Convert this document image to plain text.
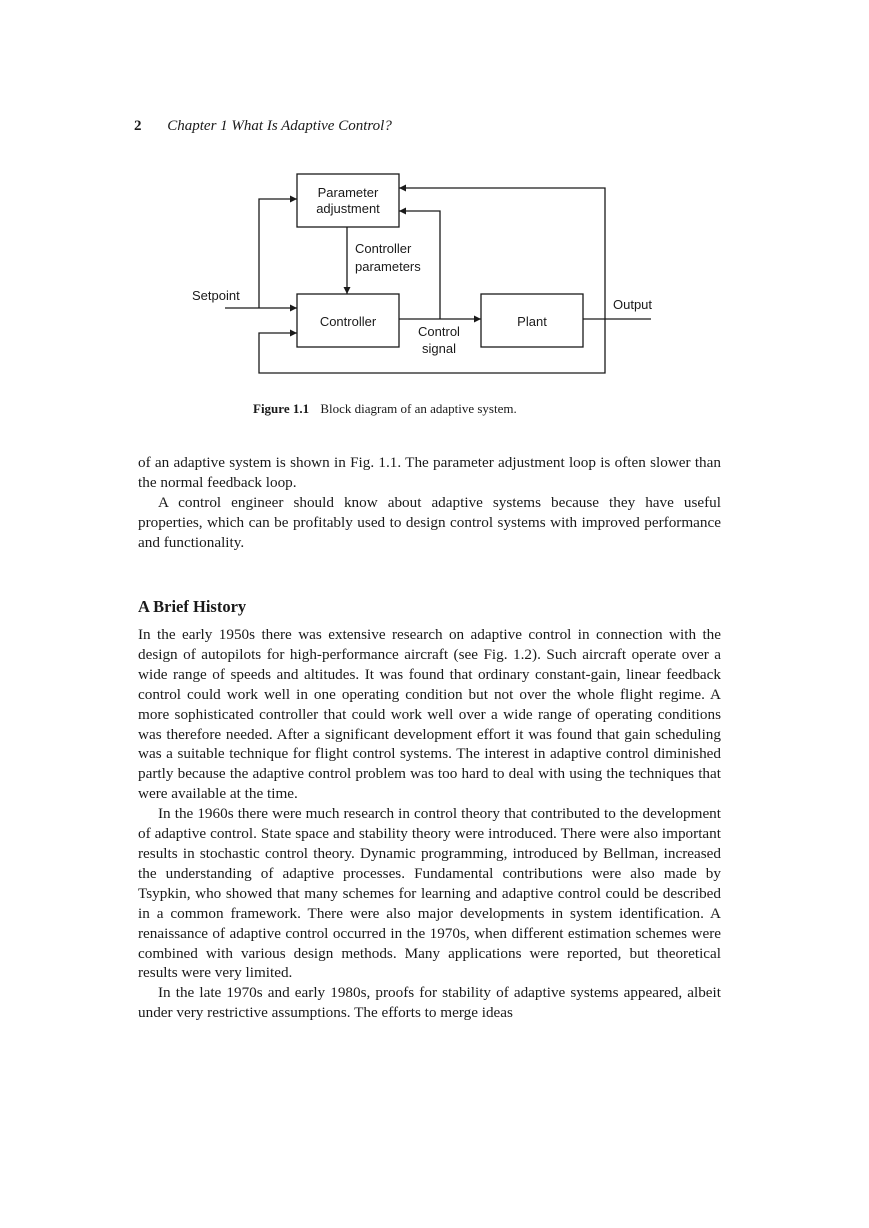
2 Chapter 1 What Is Adaptive Control?
Parameter
adjustment
Controller	Plant
Controller
parameters
Setpoint
Output
Control
signal
Figure 1.1 Block diagram of an adaptive system.

of an adaptive system is shown in Fig. 1.1. The parameter adjustment loop is often slower than the normal feedback loop.

A control engineer should know about adaptive systems because they have useful properties, which can be profitably used to design control systems with improved performance and functionality.

A Brief History

In the early 1950s there was extensive research on adaptive control in connection with the design of autopilots for high-performance aircraft (see Fig. 1.2). Such aircraft operate over a wide range of speeds and altitudes. It was found that ordinary constant-gain, linear feedback control could work well in one operating condition but not over the whole flight regime. A more sophisticated controller that could work well over a wide range of operating conditions was therefore needed. After a significant development effort it was found that gain scheduling was a suitable technique for flight control systems. The interest in adaptive control diminished partly because the adaptive control problem was too hard to deal with using the techniques that were available at the time.

In the 1960s there were much research in control theory that contributed to the development of adaptive control. State space and stability theory were introduced. There were also important results in stochastic control theory. Dynamic programming, introduced by Bellman, increased the understanding of adaptive processes. Fundamental contributions were also made by Tsypkin, who showed that many schemes for learning and adaptive control could be described in a common framework. There were also major developments in system identification. A renaissance of adaptive control occurred in the 1970s, when different estimation schemes were combined with various design methods. Many applications were reported, but theoretical results were very limited.

In the late 1970s and early 1980s, proofs for stability of adaptive systems appeared, albeit under very restrictive assumptions. The efforts to merge ideas
